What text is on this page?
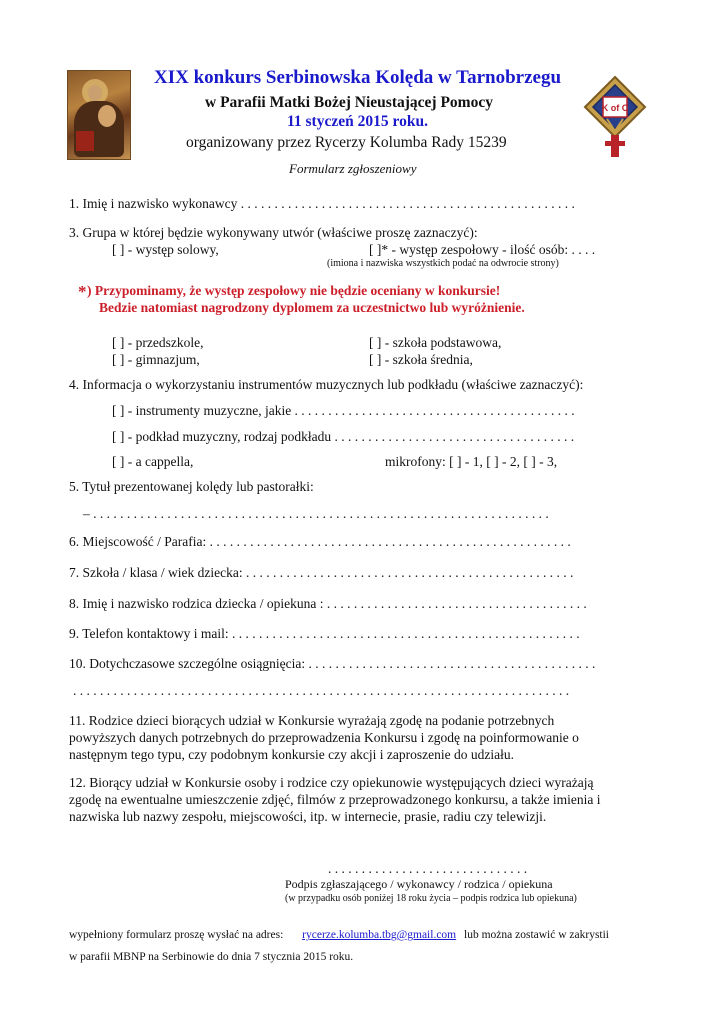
K of C
XIX konkurs Serbinowska Kolęda w Tarnobrzegu
w Parafii Matki Bożej Nieustającej Pomocy
11 styczeń 2015 roku.
organizowany przez Rycerzy Kolumba Rady 15239
Formularz zgłoszeniowy
1. Imię i nazwisko wykonawcy . . . . . . . . . . . . . . . . . . . . . . . . . . . . . . . . . . . . . . . . . . . . . . . . . .
3. Grupa w której będzie wykonywany utwór (właściwe proszę zaznaczyć):
[ ] - występ solowy,	[ ]* - występ zespołowy - ilość osób: . . . .
(imiona i nazwiska wszystkich podać na odwrocie strony)
* ) Przypominamy, że występ zespołowy nie będzie oceniany w konkursie!
Bedzie natomiast nagrodzony dyplomem za uczestnictwo lub wyróżnienie.
[ ] - przedszkole,	[ ] - szkoła podstawowa,
[ ] - gimnazjum,	[ ] - szkoła średnia,
4. Informacja o wykorzystaniu instrumentów muzycznych lub podkładu (właściwe zaznaczyć):
[ ] - instrumenty muzyczne, jakie . . . . . . . . . . . . . . . . . . . . . . . . . . . . . . . . . . . . . . . . . .
[ ] - podkład muzyczny, rodzaj podkładu . . . . . . . . . . . . . . . . . . . . . . . . . . . . . . . . . . . .
[ ] - a cappella,	mikrofony: [ ] - 1, [ ] - 2, [ ] - 3,
5. Tytuł prezentowanej kolędy lub pastorałki:
– . . . . . . . . . . . . . . . . . . . . . . . . . . . . . . . . . . . . . . . . . . . . . . . . . . . . . . . . . . . . . . . . . . . .
6. Miejscowość / Parafia: . . . . . . . . . . . . . . . . . . . . . . . . . . . . . . . . . . . . . . . . . . . . . . . . . . . . . .
7. Szkoła / klasa / wiek dziecka: . . . . . . . . . . . . . . . . . . . . . . . . . . . . . . . . . . . . . . . . . . . . . . . . .
8. Imię i nazwisko rodzica dziecka / opiekuna : . . . . . . . . . . . . . . . . . . . . . . . . . . . . . . . . . . . . . . .
9. Telefon kontaktowy i mail: . . . . . . . . . . . . . . . . . . . . . . . . . . . . . . . . . . . . . . . . . . . . . . . . . . . .
10. Dotychczasowe szczególne osiągnięcia: . . . . . . . . . . . . . . . . . . . . . . . . . . . . . . . . . . . . . . . . . . .
. . . . . . . . . . . . . . . . . . . . . . . . . . . . . . . . . . . . . . . . . . . . . . . . . . . . . . . . . . . . . . . . . . . . . . . . . .
11. Rodzice dzieci biorących udział w Konkursie wyrażają zgodę na podanie potrzebnych
powyższych danych potrzebnych do przeprowadzenia Konkursu i zgodę na poinformowanie o
następnym tego typu, czy podobnym konkursie czy akcji i zaproszenie do udziału.
12. Biorący udział w Konkursie osoby i rodzice czy opiekunowie występujących dzieci wyrażają
zgodę na ewentualne umieszczenie zdjęć, filmów z przeprowadzonego konkursu, a także imienia i
nazwiska lub nazwy zespołu, miejscowości, itp. w internecie, prasie, radiu czy telewizji.
. . . . . . . . . . . . . . . . . . . . . . . . . . . . . .
Podpis zgłaszającego / wykonawcy / rodzica / opiekuna
(w przypadku osób poniżej 18 roku życia – podpis rodzica lub opiekuna)
wypełniony formularz proszę wysłać na adres: rycerze.kolumba.tbg@gmail.com lub można zostawić w zakrystii
w parafii MBNP na Serbinowie do dnia 7 stycznia 2015 roku.
